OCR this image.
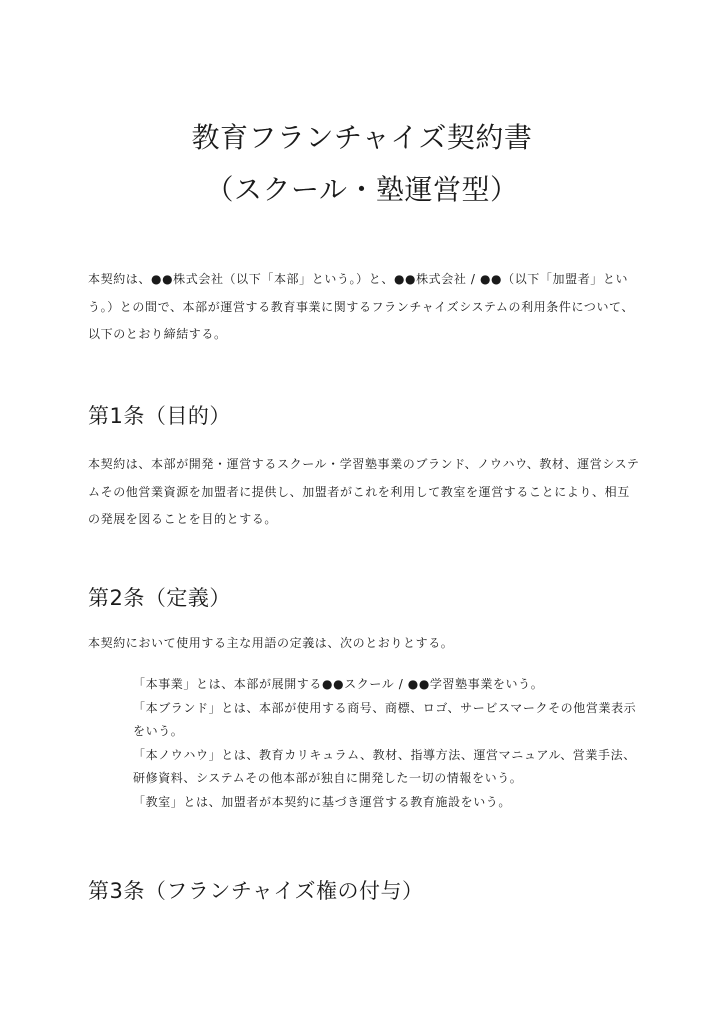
教育フランチャイズ契約書
（スクール・塾運営型）

本契約は、●●株式会社（以下「本部」という。）と、●●株式会社 / ●●（以下「加盟者」という。）との間で、本部が運営する教育事業に関するフランチャイズシステムの利用条件について、以下のとおり締結する。

第1条（目的）

本契約は、本部が開発・運営するスクール・学習塾事業のブランド、ノウハウ、教材、運営システムその他営業資源を加盟者に提供し、加盟者がこれを利用して教室を運営することにより、相互の発展を図ることを目的とする。

第2条（定義）

本契約において使用する主な用語の定義は、次のとおりとする。

「本事業」とは、本部が展開する●●スクール / ●●学習塾事業をいう。
「本ブランド」とは、本部が使用する商号、商標、ロゴ、サービスマークその他営業表示をいう。
「本ノウハウ」とは、教育カリキュラム、教材、指導方法、運営マニュアル、営業手法、研修資料、システムその他本部が独自に開発した一切の情報をいう。
「教室」とは、加盟者が本契約に基づき運営する教育施設をいう。
第3条（フランチャイズ権の付与）
